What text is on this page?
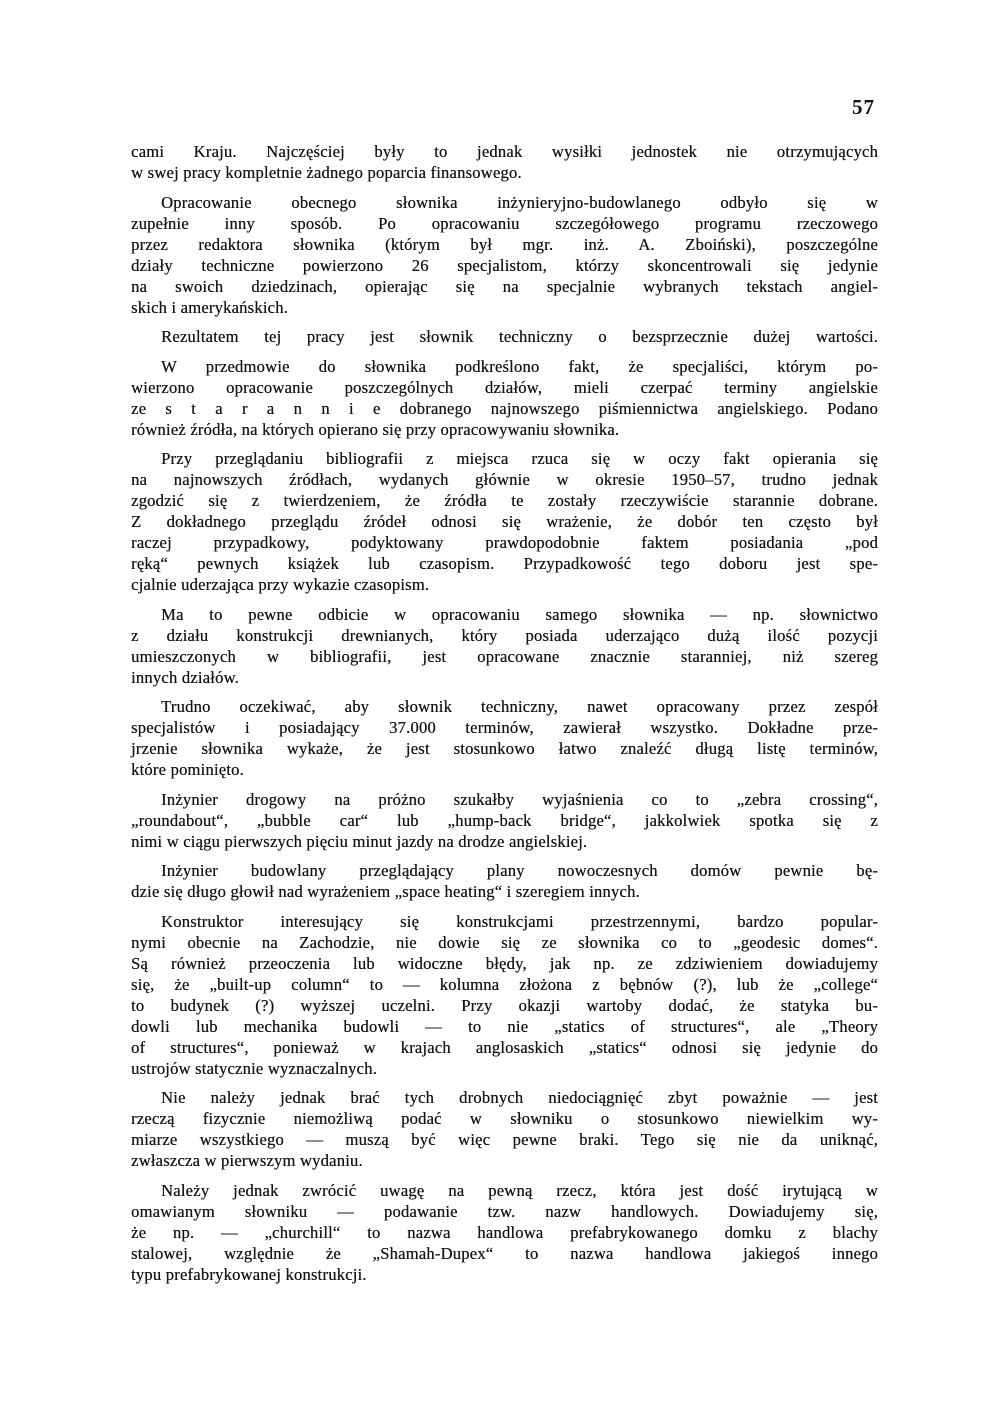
57
cami Kraju. Najczęściej były to jednak wysiłki jednostek nie otrzymujących
w swej pracy kompletnie żadnego poparcia finansowego.
Opracowanie obecnego słownika inżynieryjno-budowlanego odbyło się w
zupełnie inny sposób. Po opracowaniu szczegółowego programu rzeczowego
przez redaktora słownika (którym był mgr. inż. A. Zboiński), poszczególne
działy techniczne powierzono 26 specjalistom, którzy skoncentrowali się jedynie
na swoich dziedzinach, opierając się na specjalnie wybranych tekstach angiel-
skich i amerykańskich.
Rezultatem tej pracy jest słownik techniczny o bezsprzecznie dużej wartości.
W przedmowie do słownika podkreślono fakt, że specjaliści, którym po-
wierzono opracowanie poszczególnych działów, mieli czerpać terminy angielskie
ze s t a r a n n i e dobranego najnowszego piśmiennictwa angielskiego. Podano
również źródła, na których opierano się przy opracowywaniu słownika.
Przy przeglądaniu bibliografii z miejsca rzuca się w oczy fakt opierania się
na najnowszych źródłach, wydanych głównie w okresie 1950–57, trudno jednak
zgodzić się z twierdzeniem, że źródła te zostały rzeczywiście starannie dobrane.
Z dokładnego przeglądu źródeł odnosi się wrażenie, że dobór ten często był
raczej przypadkowy, podyktowany prawdopodobnie faktem posiadania „pod
ręką“ pewnych książek lub czasopism. Przypadkowość tego doboru jest spe-
cjalnie uderzająca przy wykazie czasopism.
Ma to pewne odbicie w opracowaniu samego słownika — np. słownictwo
z działu konstrukcji drewnianych, który posiada uderzająco dużą ilość pozycji
umieszczonych w bibliografii, jest opracowane znacznie staranniej, niż szereg
innych działów.
Trudno oczekiwać, aby słownik techniczny, nawet opracowany przez zespół
specjalistów i posiadający 37.000 terminów, zawierał wszystko. Dokładne prze-
jrzenie słownika wykaże, że jest stosunkowo łatwo znaleźć długą listę terminów,
które pominięto.
Inżynier drogowy na próżno szukałby wyjaśnienia co to „zebra crossing“,
„roundabout“, „bubble car“ lub „hump-back bridge“, jakkolwiek spotka się z
nimi w ciągu pierwszych pięciu minut jazdy na drodze angielskiej.
Inżynier budowlany przeglądający plany nowoczesnych domów pewnie bę-
dzie się długo głowił nad wyrażeniem „space heating“ i szeregiem innych.
Konstruktor interesujący się konstrukcjami przestrzennymi, bardzo popular-
nymi obecnie na Zachodzie, nie dowie się ze słownika co to „geodesic domes“.
Są również przeoczenia lub widoczne błędy, jak np. ze zdziwieniem dowiadujemy
się, że „built-up column“ to — kolumna złożona z bębnów (?), lub że „college“
to budynek (?) wyższej uczelni. Przy okazji wartoby dodać, że statyka bu-
dowli lub mechanika budowli — to nie „statics of structures“, ale „Theory
of structures“, ponieważ w krajach anglosaskich „statics“ odnosi się jedynie do
ustrojów statycznie wyznaczalnych.
Nie należy jednak brać tych drobnych niedociągnięć zbyt poważnie — jest
rzeczą fizycznie niemożliwą podać w słowniku o stosunkowo niewielkim wy-
miarze wszystkiego — muszą być więc pewne braki. Tego się nie da uniknąć,
zwłaszcza w pierwszym wydaniu.
Należy jednak zwrócić uwagę na pewną rzecz, która jest dość irytującą w
omawianym słowniku — podawanie tzw. nazw handlowych. Dowiadujemy się,
że np. — „churchill“ to nazwa handlowa prefabrykowanego domku z blachy
stalowej, względnie że „Shamah-Dupex“ to nazwa handlowa jakiegoś innego
typu prefabrykowanej konstrukcji.
